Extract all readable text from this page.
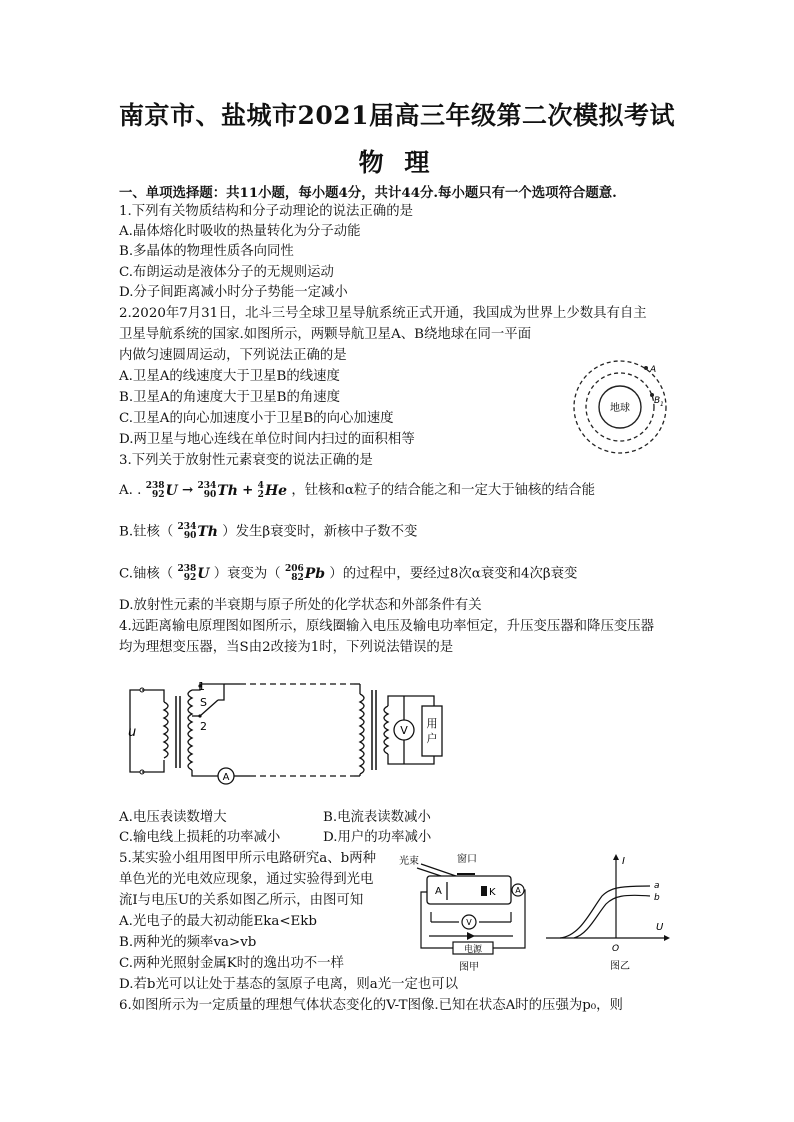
南京市、盐城市2021届高三年级第二次模拟考试
物 理
一、单项选择题：共11小题，每小题4分，共计44分.每小题只有一个选项符合题意.
1.下列有关物质结构和分子动理论的说法正确的是
A.晶体熔化时吸收的热量转化为分子动能
B.多晶体的物理性质各向同性
C.布朗运动是液体分子的无规则运动
D.分子间距离减小时分子势能一定减小
2.2020年7月31日，北斗三号全球卫星导航系统正式开通，我国成为世界上少数具有自主
卫星导航系统的国家.如图所示，两颗导航卫星A、B绕地球在同一平面
内做匀速圆周运动，下列说法正确的是
A.卫星A的线速度大于卫星B的线速度
B.卫星A的角速度大于卫星B的角速度
C.卫星A的向心加速度小于卫星B的向心加速度
D.两卫星与地心连线在单位时间内扫过的面积相等
地球
A
B 1
3.下列关于放射性元素衰变的说法正确的是
A. . 238
92 U → 234
90 Th + 4
2 He ，钍核和α粒子的结合能之和一定大于铀核的结合能
B.钍核（ 234
90 Th ）发生β衰变时，新核中子数不变
C.铀核（ 238
92 U ）衰变为（ 206
82 Pb ）的过程中，要经过8次α衰变和4次β衰变
D.放射性元素的半衰期与原子所处的化学状态和外部条件有关
4.远距离输电原理图如图所示，原线圈输入电压及输电功率恒定，升压变压器和降压变压器
均为理想变压器，当S由2改接为1时，下列说法错误的是
u
1
2
S
A
V
用
户
A.电压表读数增大	B.电流表读数减小
C.输电线上损耗的功率减小	D.用户的功率减小
5.某实验小组用图甲所示电路研究a、b两种
单色光的光电效应现象，通过实验得到光电
流I与电压U的关系如图乙所示，由图可知
A.光电子的最大初动能Eka<Ekb
B.两种光的频率va>vb
C.两种光照射金属K时的逸出功不一样
D.若b光可以让处于基态的氢原子电离，则a光一定也可以
光束	窗口
A	K A
V
电源
图甲
I
U
O
a
b
图乙
6.如图所示为一定质量的理想气体状态变化的V-T图像.已知在状态A时的压强为p₀，则
